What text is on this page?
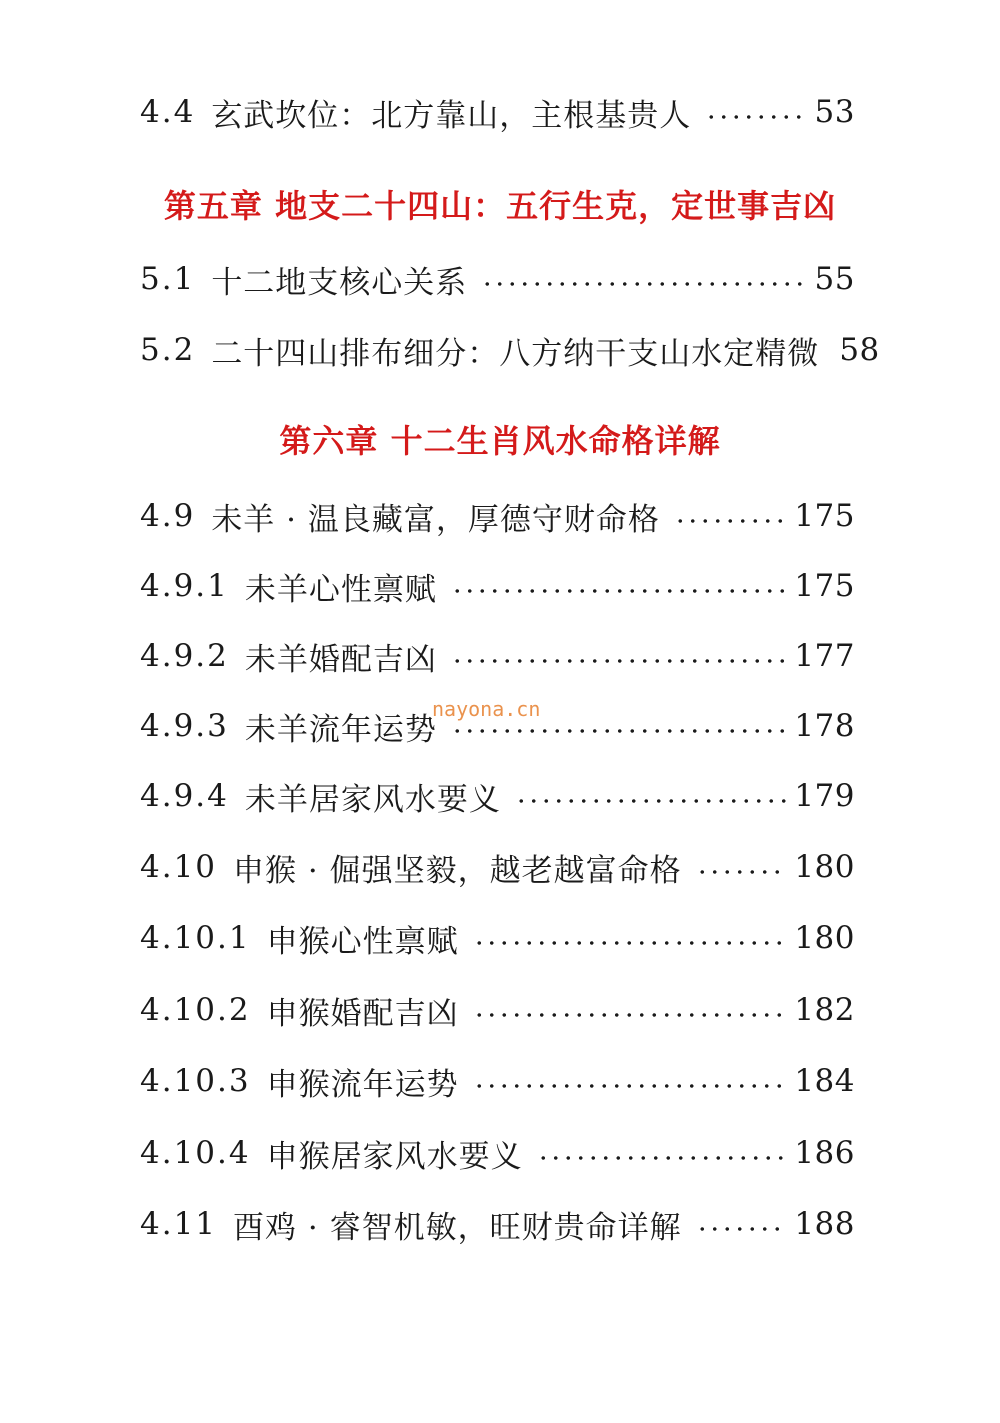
4.4 玄武坎位：北方靠山，主根基贵人	53
第五章 地支二十四山：五行生克，定世事吉凶
5.1 十二地支核心关系	55
5.2 二十四山排布细分：八方纳干支山水定精微 58
第六章 十二生肖风水命格详解
4.9 未羊 · 温良藏富，厚德守财命格	175
4.9.1 未羊心性禀赋	175
4.9.2 未羊婚配吉凶	177
4.9.3 未羊流年运势	178
4.9.4 未羊居家风水要义	179
4.10 申猴 · 倔强坚毅，越老越富命格	180
4.10.1 申猴心性禀赋	180
4.10.2 申猴婚配吉凶	182
4.10.3 申猴流年运势	184
4.10.4 申猴居家风水要义	186
4.11 酉鸡 · 睿智机敏，旺财贵命详解	188
nayona.cn
